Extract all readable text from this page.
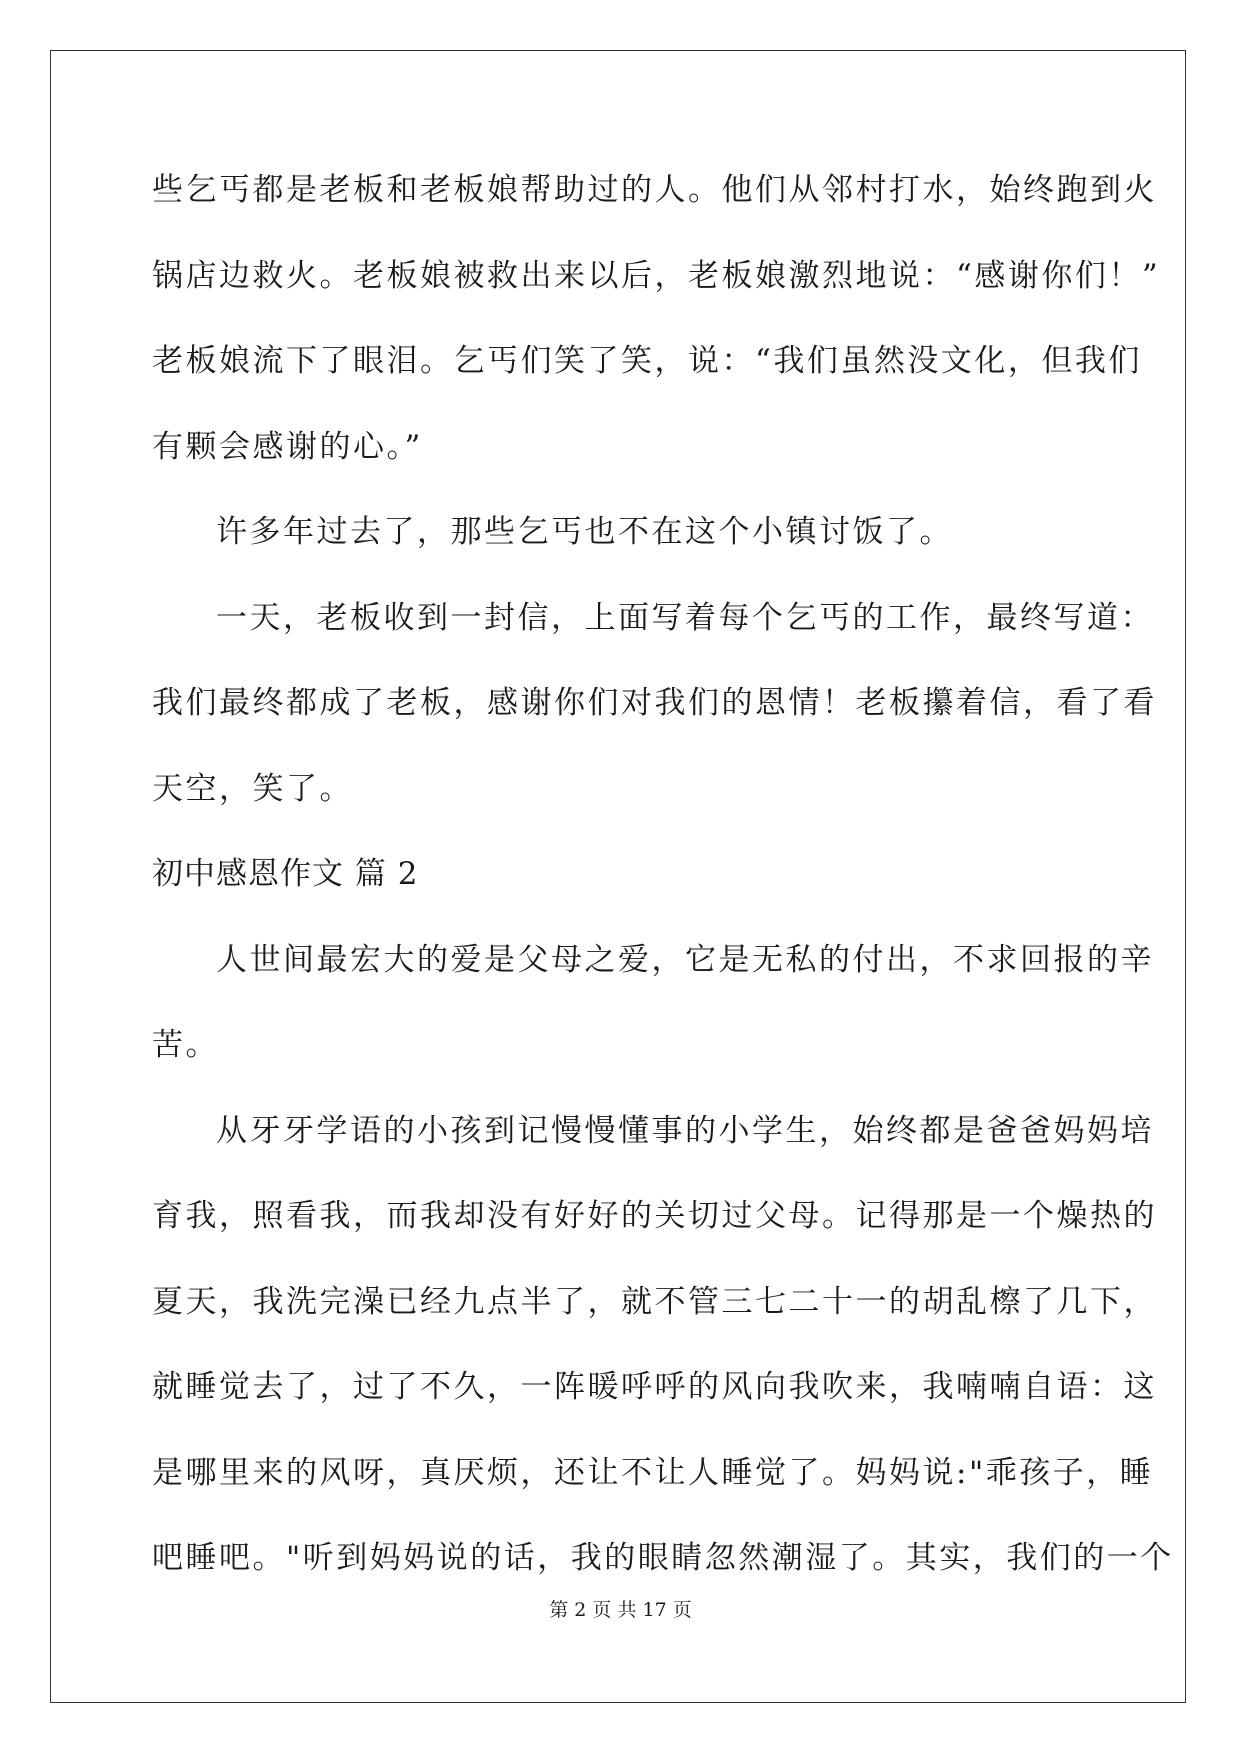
些乞丐都是老板和老板娘帮助过的人。他们从邻村打水，始终跑到火
锅店边救火。老板娘被救出来以后，老板娘激烈地说：“感谢你们！”
老板娘流下了眼泪。乞丐们笑了笑，说：“我们虽然没文化，但我们
有颗会感谢的心。”
许多年过去了，那些乞丐也不在这个小镇讨饭了。
一天，老板收到一封信，上面写着每个乞丐的工作，最终写道：
我们最终都成了老板，感谢你们对我们的恩情！老板攥着信，看了看
天空，笑了。
初中感恩作文 篇 2
人世间最宏大的爱是父母之爱，它是无私的付出，不求回报的辛
苦。
从牙牙学语的小孩到记慢慢懂事的小学生，始终都是爸爸妈妈培
育我，照看我，而我却没有好好的关切过父母。记得那是一个燥热的
夏天，我洗完澡已经九点半了，就不管三七二十一的胡乱檫了几下，
就睡觉去了，过了不久，一阵暖呼呼的风向我吹来，我喃喃自语：这
是哪里来的风呀，真厌烦，还让不让人睡觉了。妈妈说:"乖孩子，睡
吧睡吧。"听到妈妈说的话，我的眼睛忽然潮湿了。其实，我们的一个
第 2 页 共 17 页
